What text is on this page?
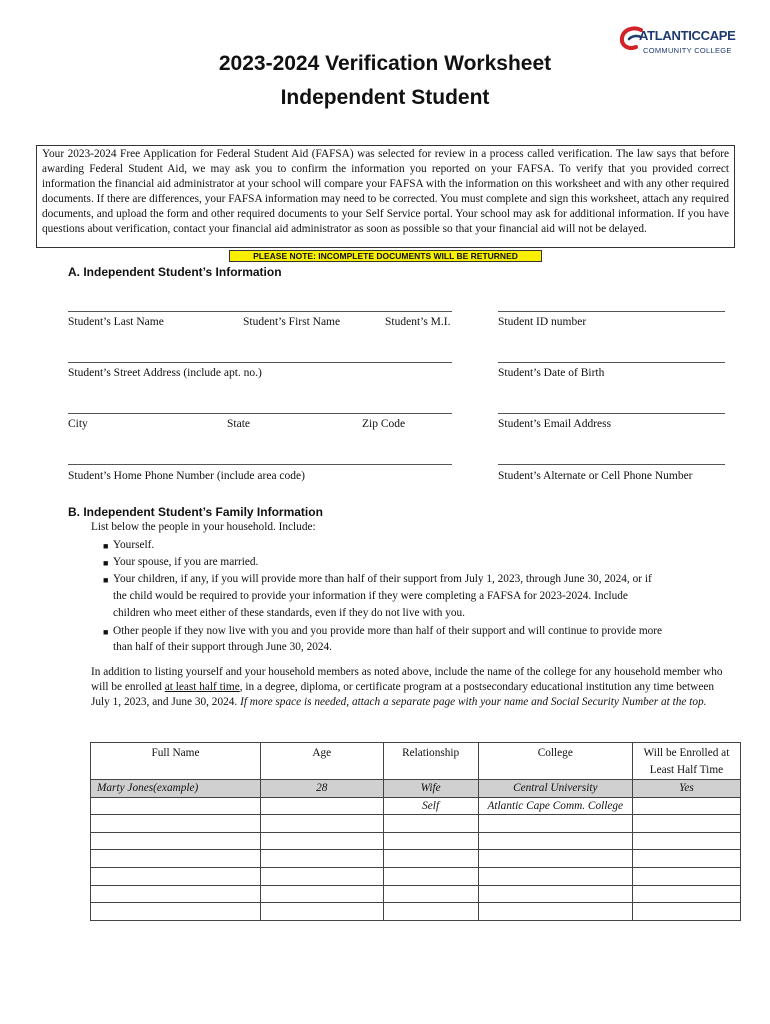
ATLANTICCAPE
COMMUNITY COLLEGE
2023-2024 Verification Worksheet
Independent Student
Your 2023-2024 Free Application for Federal Student Aid (FAFSA) was selected for review in a process called verification. The law says that before awarding Federal Student Aid, we may ask you to confirm the information you reported on your FAFSA. To verify that you provided correct information the financial aid administrator at your school will compare your FAFSA with the information on this worksheet and with any other required documents. If there are differences, your FAFSA information may need to be corrected. You must complete and sign this worksheet, attach any required documents, and upload the form and other required documents to your Self Service portal. Your school may ask for additional information. If you have questions about verification, contact your financial aid administrator as soon as possible so that your financial aid will not be delayed.
PLEASE NOTE: INCOMPLETE DOCUMENTS WILL BE RETURNED
A. Independent Student’s Information
Student’s Last Name	Student’s First Name	Student’s M.I.	Student ID number
Student’s Street Address (include apt. no.)	Student’s Date of Birth
City	State	Zip Code	Student’s Email Address
Student’s Home Phone Number (include area code)	Student’s Alternate or Cell Phone Number
B. Independent Student’s Family Information
List below the people in your household. Include:
■ Yourself.
■ Your spouse, if you are married.
■ Your children, if any, if you will provide more than half of their support from July 1, 2023, through June 30, 2024, or if
the child would be required to provide your information if they were completing a FAFSA for 2023-2024. Include
children who meet either of these standards, even if they do not live with you.
■ Other people if they now live with you and you provide more than half of their support and will continue to provide more
than half of their support through June 30, 2024.
In addition to listing yourself and your household members as noted above, include the name of the college for any household member who will be enrolled at least half time, in a degree, diploma, or certificate program at a postsecondary educational institution any time between July 1, 2023, and June 30, 2024. If more space is needed, attach a separate page with your name and Social Security Number at the top.
Full Name	Age	Relationship	College	Will be Enrolled at
Least Half Time
Marty Jones(example)	28	Wife	Central University	Yes
		Self	Atlantic Cape Comm. College	
